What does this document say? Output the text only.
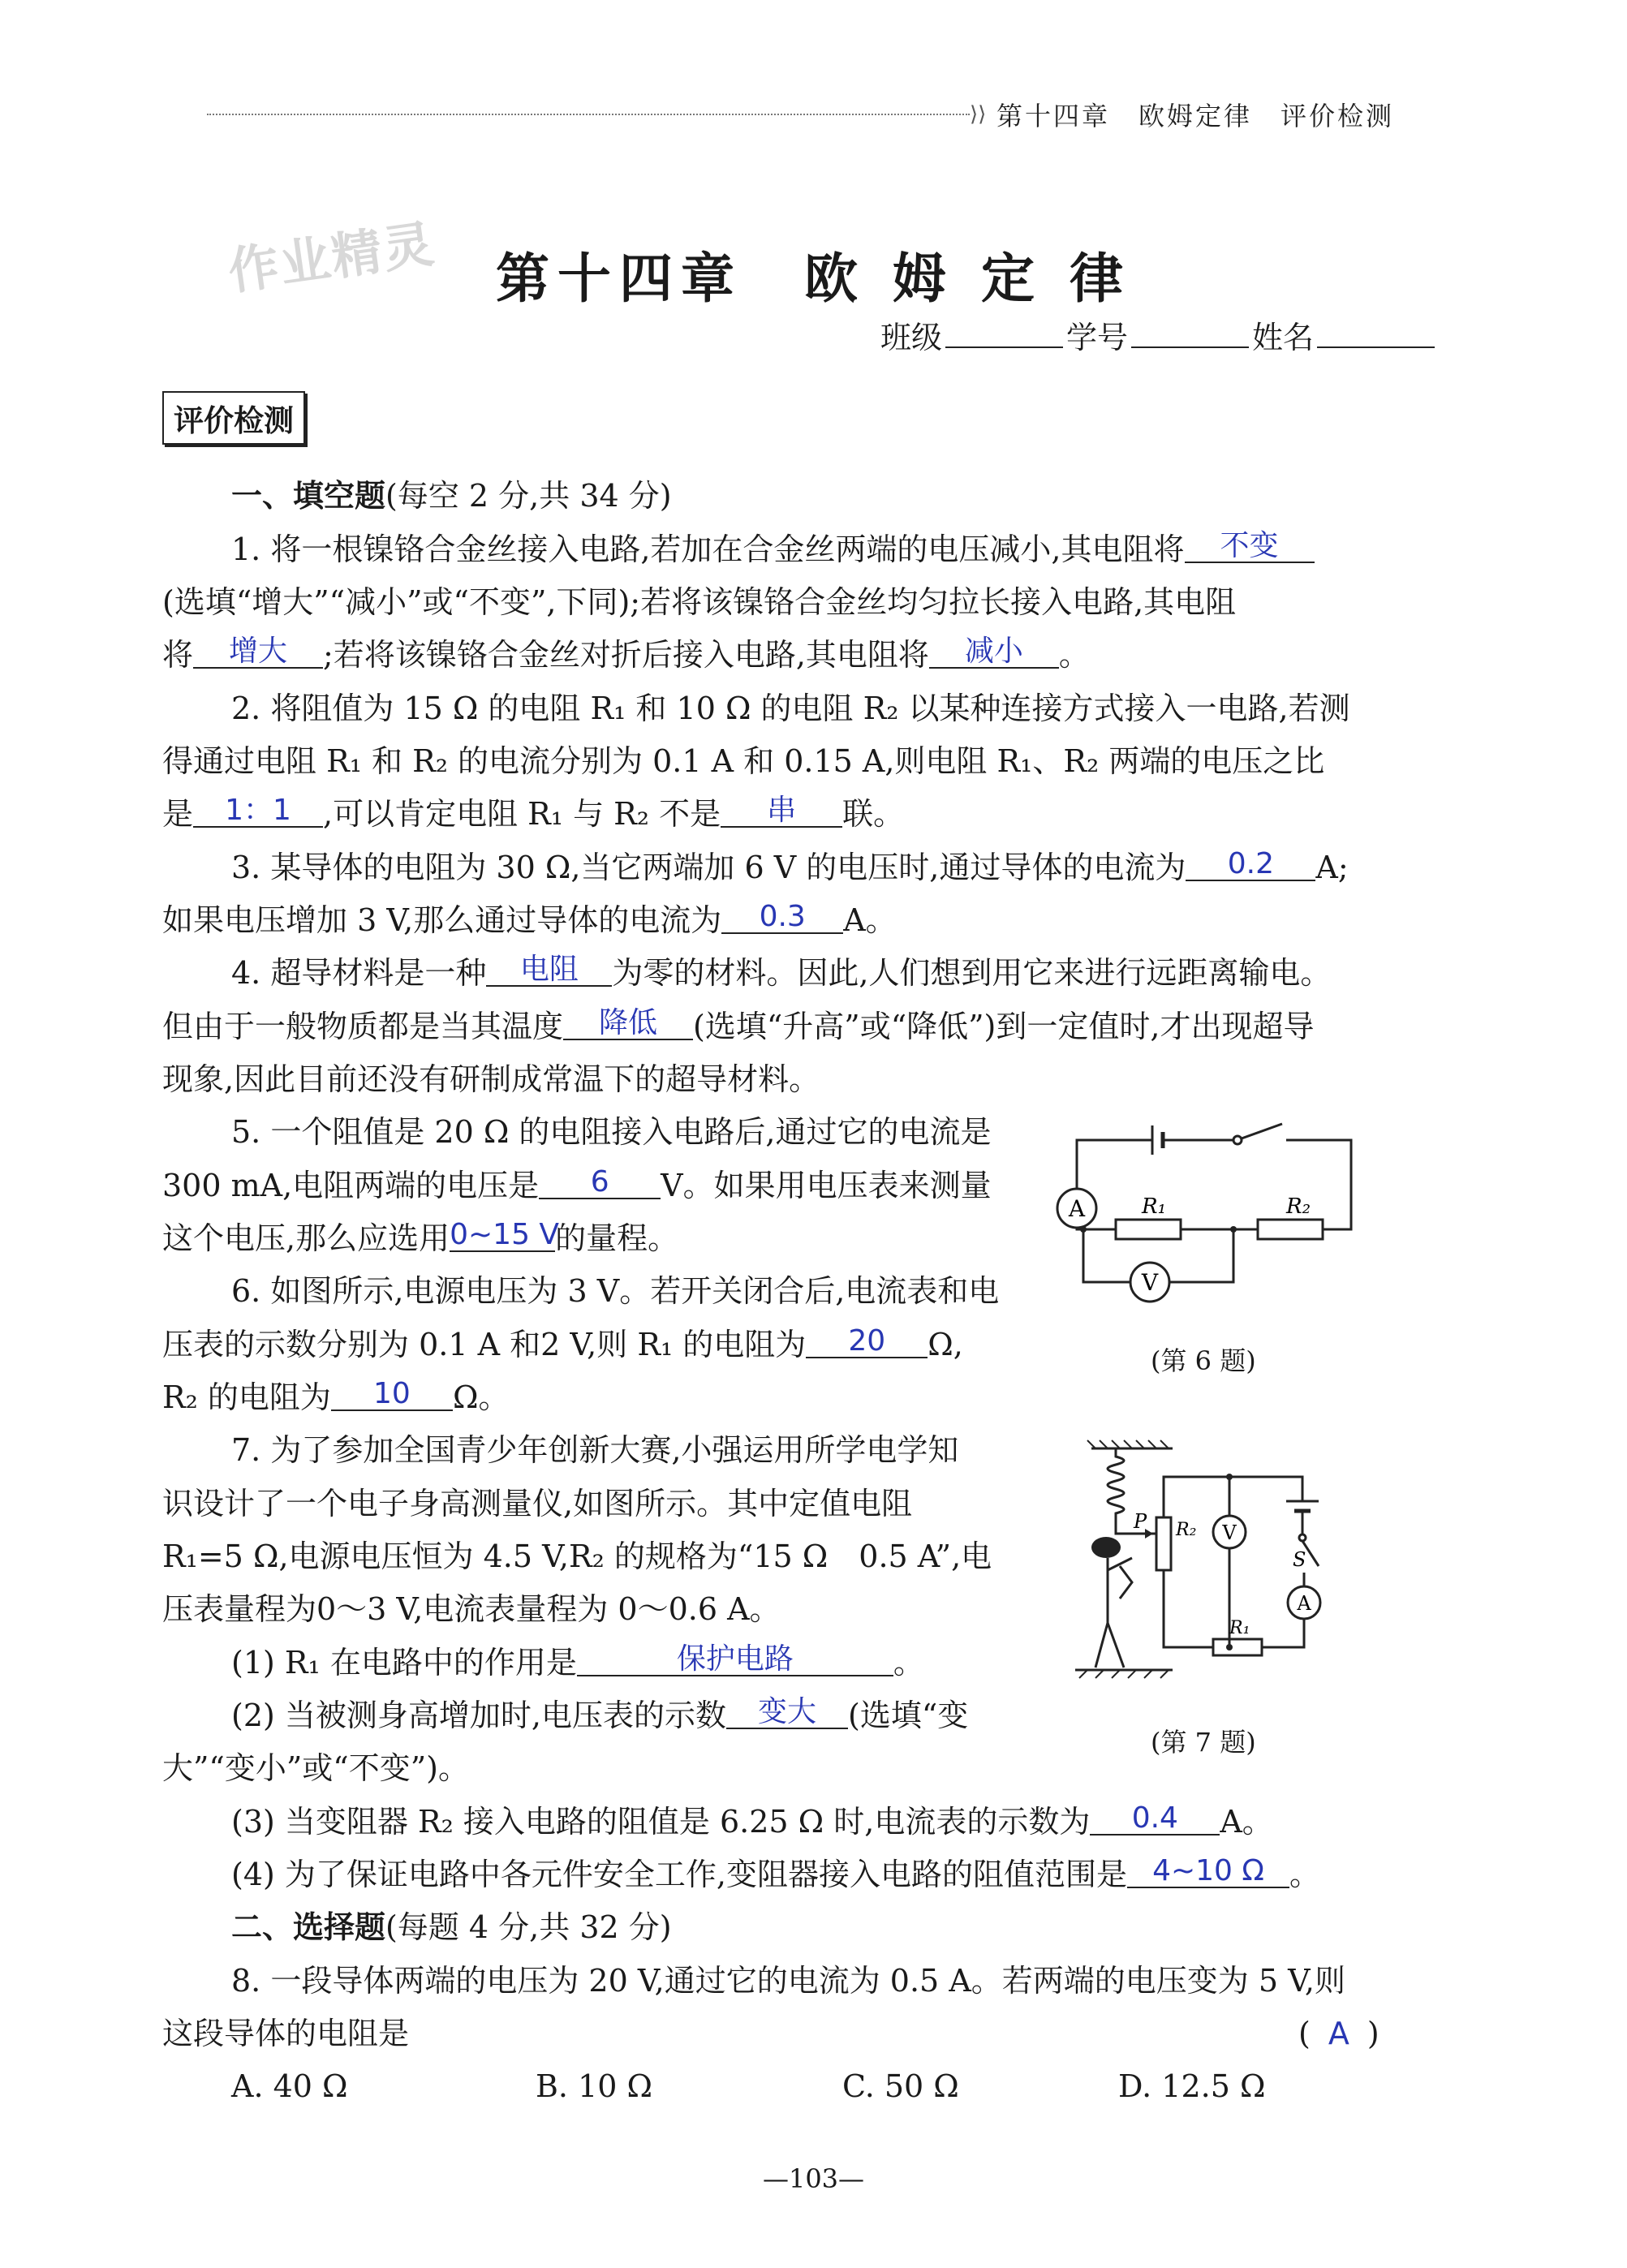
⟩⟩ 第十四章　欧姆定律　评价检测
作业精灵	第十四章　欧 姆 定 律
班级	学号	姓名
评价检测
一、填空题(每空 2 分,共 34 分)
1. 将一根镍铬合金丝接入电路,若加在合金丝两端的电压减小,其电阻将 不变
(选填“增大”“减小”或“不变”,下同);若将该镍铬合金丝均匀拉长接入电路,其电阻
将 增大 ;若将该镍铬合金丝对折后接入电路,其电阻将 减小 。
2. 将阻值为 15 Ω 的电阻 R₁ 和 10 Ω 的电阻 R₂ 以某种连接方式接入一电路,若测
得通过电阻 R₁ 和 R₂ 的电流分别为 0.1 A 和 0.15 A,则电阻 R₁、R₂ 两端的电压之比
是 1：1 ,可以肯定电阻 R₁ 与 R₂ 不是 串 联。
3. 某导体的电阻为 30 Ω,当它两端加 6 V 的电压时,通过导体的电流为 0.2 A;
如果电压增加 3 V,那么通过导体的电流为 0.3 A。
4. 超导材料是一种 电阻 为零的材料。因此,人们想到用它来进行远距离输电。
但由于一般物质都是当其温度 降低 (选填“升高”或“降低”)到一定值时,才出现超导
现象,因此目前还没有研制成常温下的超导材料。
5. 一个阻值是 20 Ω 的电阻接入电路后,通过它的电流是
300 mA,电阻两端的电压是 6 V。如果用电压表来测量
这个电压,那么应选用0~15 V的量程。
6. 如图所示,电源电压为 3 V。若开关闭合后,电流表和电
压表的示数分别为 0.1 A 和2 V,则 R₁ 的电阻为 20 Ω,
R₂ 的电阻为 10 Ω。
A
V
R₁	R₂
(第 6 题)
7. 为了参加全国青少年创新大赛,小强运用所学电学知
识设计了一个电子身高测量仪,如图所示。其中定值电阻
R₁=5 Ω,电源电压恒为 4.5 V,R₂ 的规格为“15 Ω　0.5 A”,电
压表量程为0～3 V,电流表量程为 0～0.6 A。
(1) R₁ 在电路中的作用是	保护电路	。
(2) 当被测身高增加时,电压表的示数 变大 (选填“变
大”“变小”或“不变”)。
(3) 当变阻器 R₂ 接入电路的阻值是 6.25 Ω 时,电流表的示数为 0.4 A。
(4) 为了保证电路中各元件安全工作,变阻器接入电路的阻值范围是 4~10 Ω 。
P R₂ V
A
R₁
S
(第 7 题)
二、选择题(每题 4 分,共 32 分)
8. 一段导体两端的电压为 20 V,通过它的电流为 0.5 A。若两端的电压变为 5 V,则
这段导体的电阻是	( A )
A. 40 Ω	B. 10 Ω	C. 50 Ω	D. 12.5 Ω
—103—
